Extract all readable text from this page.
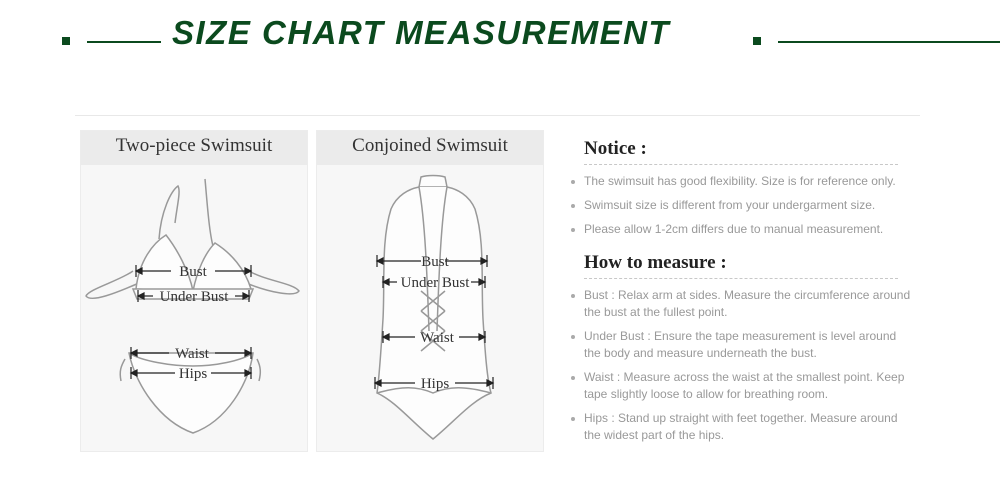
SIZE CHART MEASUREMENT
Two-piece Swimsuit
Bust
Under Bust
Waist
Hips
Conjoined Swimsuit
Bust
Under Bust
Waist
Hips
Notice :
The swimsuit has good flexibility. Size is for reference only.
Swimsuit size is different from your undergarment size.
Please allow 1-2cm differs due to manual measurement.
How to measure :
Bust : Relax arm at sides. Measure the circumference around the bust at the fullest point.
Under Bust : Ensure the tape measurement is level around the body and measure underneath the bust.
Waist : Measure across the waist at the smallest point. Keep tape slightly loose to allow for breathing room.
Hips : Stand up straight with feet together. Measure around the widest part of the hips.
